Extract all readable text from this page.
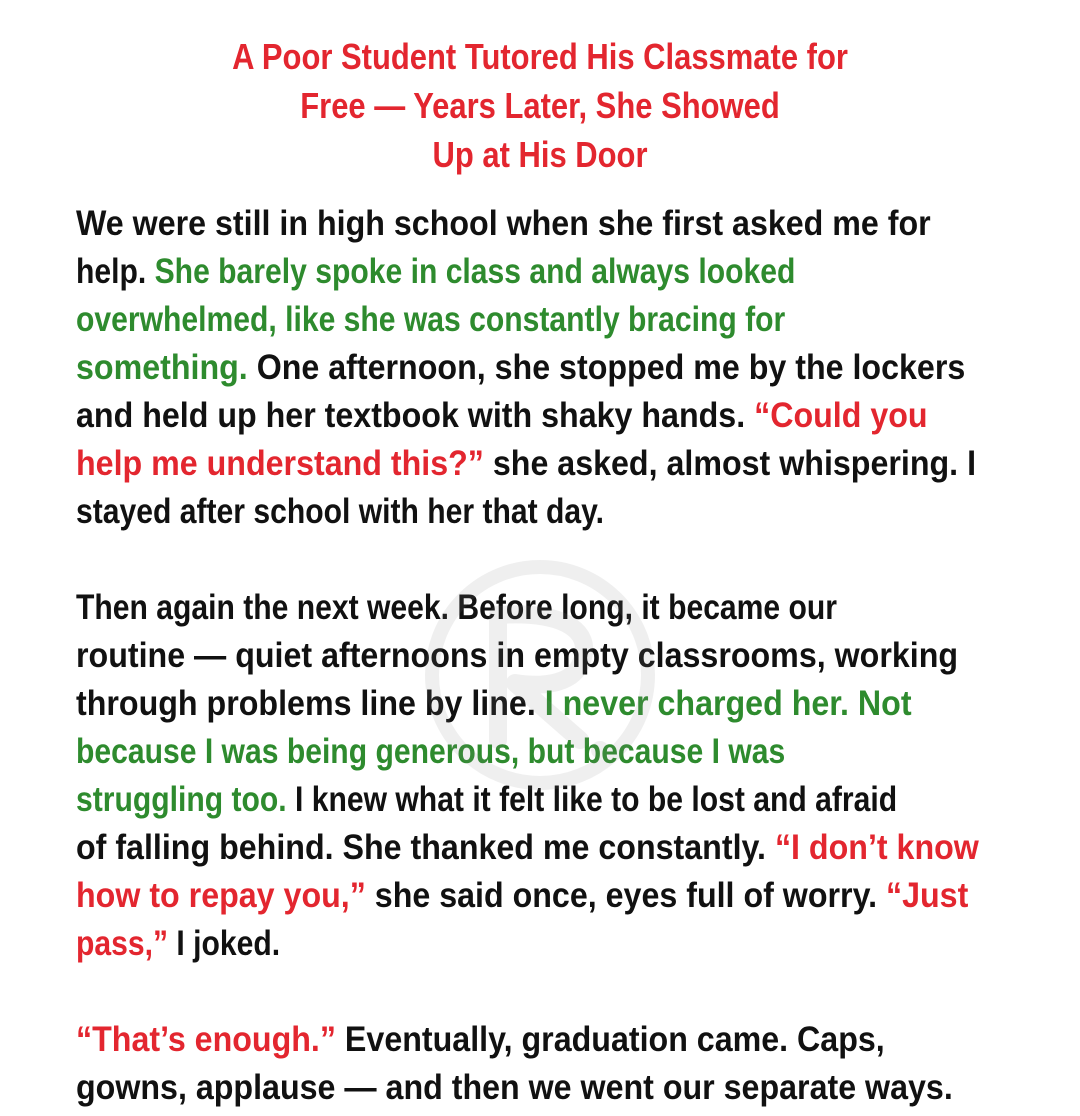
A Poor Student Tutored His Classmate for
Free — Years Later, She Showed
Up at His Door
We were still in high school when she first asked me for
help. She barely spoke in class and always looked
overwhelmed, like she was constantly bracing for
something. One afternoon, she stopped me by the lockers
and held up her textbook with shaky hands. “Could you
help me understand this?” she asked, almost whispering. I
stayed after school with her that day.
Then again the next week. Before long, it became our
routine — quiet afternoons in empty classrooms, working
through problems line by line. I never charged her. Not
because I was being generous, but because I was
struggling too. I knew what it felt like to be lost and afraid
of falling behind. She thanked me constantly. “I don’t know
how to repay you,” she said once, eyes full of worry. “Just
pass,” I joked.
“That’s enough.” Eventually, graduation came. Caps,
gowns, applause — and then we went our separate ways.
